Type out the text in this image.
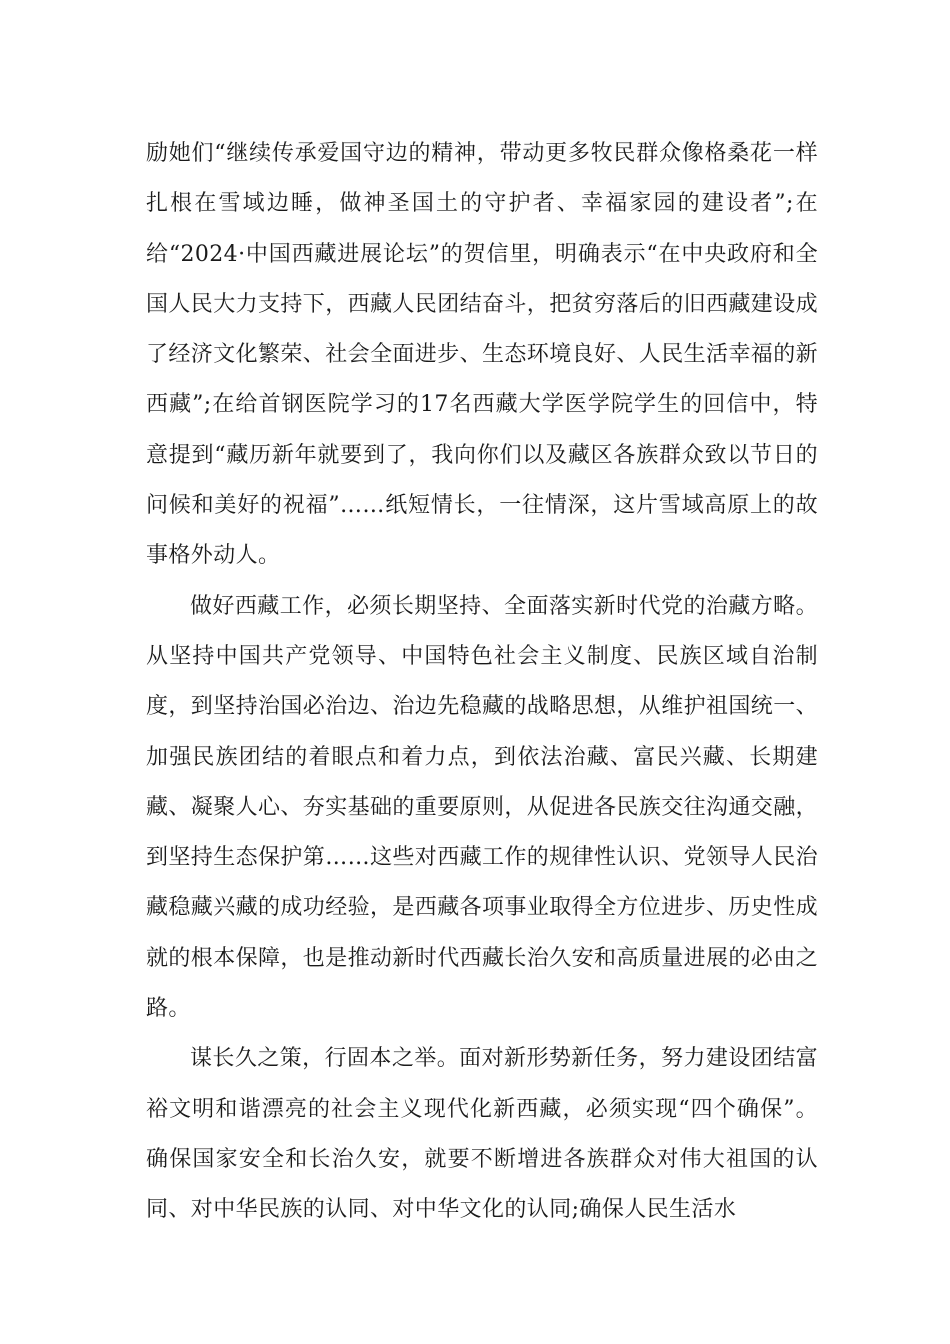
励她们“继续传承爱国守边的精神，带动更多牧民群众像格桑花一样扎根在雪域边睡，做神圣国土的守护者、幸福家园的建设者”;在给“2024·中国西藏进展论坛”的贺信里，明确表示“在中央政府和全国人民大力支持下，西藏人民团结奋斗，把贫穷落后的旧西藏建设成了经济文化繁荣、社会全面进步、生态环境良好、人民生活幸福的新西藏”;在给首钢医院学习的17名西藏大学医学院学生的回信中，特意提到“藏历新年就要到了，我向你们以及藏区各族群众致以节日的问候和美好的祝福”……纸短情长，一往情深，这片雪域高原上的故事格外动人。

做好西藏工作，必须长期坚持、全面落实新时代党的治藏方略。从坚持中国共产党领导、中国特色社会主义制度、民族区域自治制度，到坚持治国必治边、治边先稳藏的战略思想，从维护祖国统一、加强民族团结的着眼点和着力点，到依法治藏、富民兴藏、长期建藏、凝聚人心、夯实基础的重要原则，从促进各民族交往沟通交融，到坚持生态保护第……这些对西藏工作的规律性认识、党领导人民治藏稳藏兴藏的成功经验，是西藏各项事业取得全方位进步、历史性成就的根本保障，也是推动新时代西藏长治久安和高质量进展的必由之路。

谋长久之策，行固本之举。面对新形势新任务，努力建设团结富裕文明和谐漂亮的社会主义现代化新西藏，必须实现“四个确保”。确保国家安全和长治久安，就要不断增进各族群众对伟大祖国的认同、对中华民族的认同、对中华文化的认同;确保人民生活水
